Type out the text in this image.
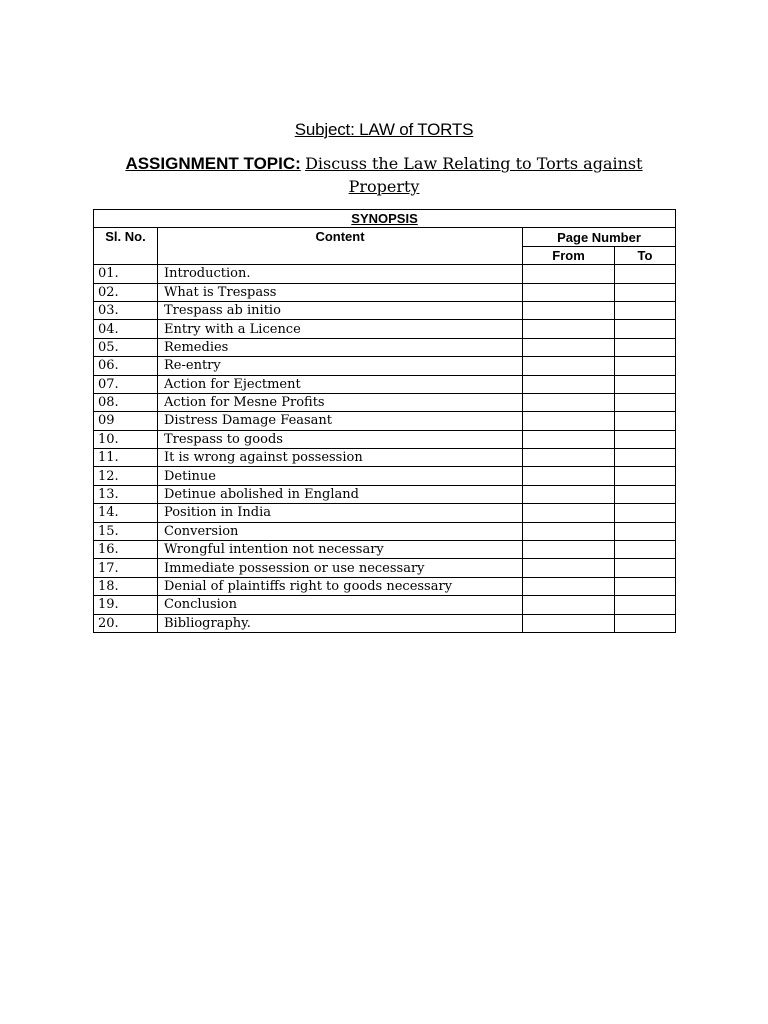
Subject: LAW of TORTS
ASSIGNMENT TOPIC: Discuss the Law Relating to Torts against Property
SYNOPSIS			
Sl. No.	Content	Page Number	
		From	To
01.	Introduction.		
02.	What is Trespass		
03.	Trespass ab initio		
04.	Entry with a Licence		
05.	Remedies		
06.	Re-entry		
07.	Action for Ejectment		
08.	Action for Mesne Profits		
09	Distress Damage Feasant		
10.	Trespass to goods		
11.	It is wrong against possession		
12.	Detinue		
13.	Detinue abolished in England		
14.	Position in India		
15.	Conversion		
16.	Wrongful intention not necessary		
17.	Immediate possession or use necessary		
18.	Denial of plaintiffs right to goods necessary		
19.	Conclusion		
20.	Bibliography.		
